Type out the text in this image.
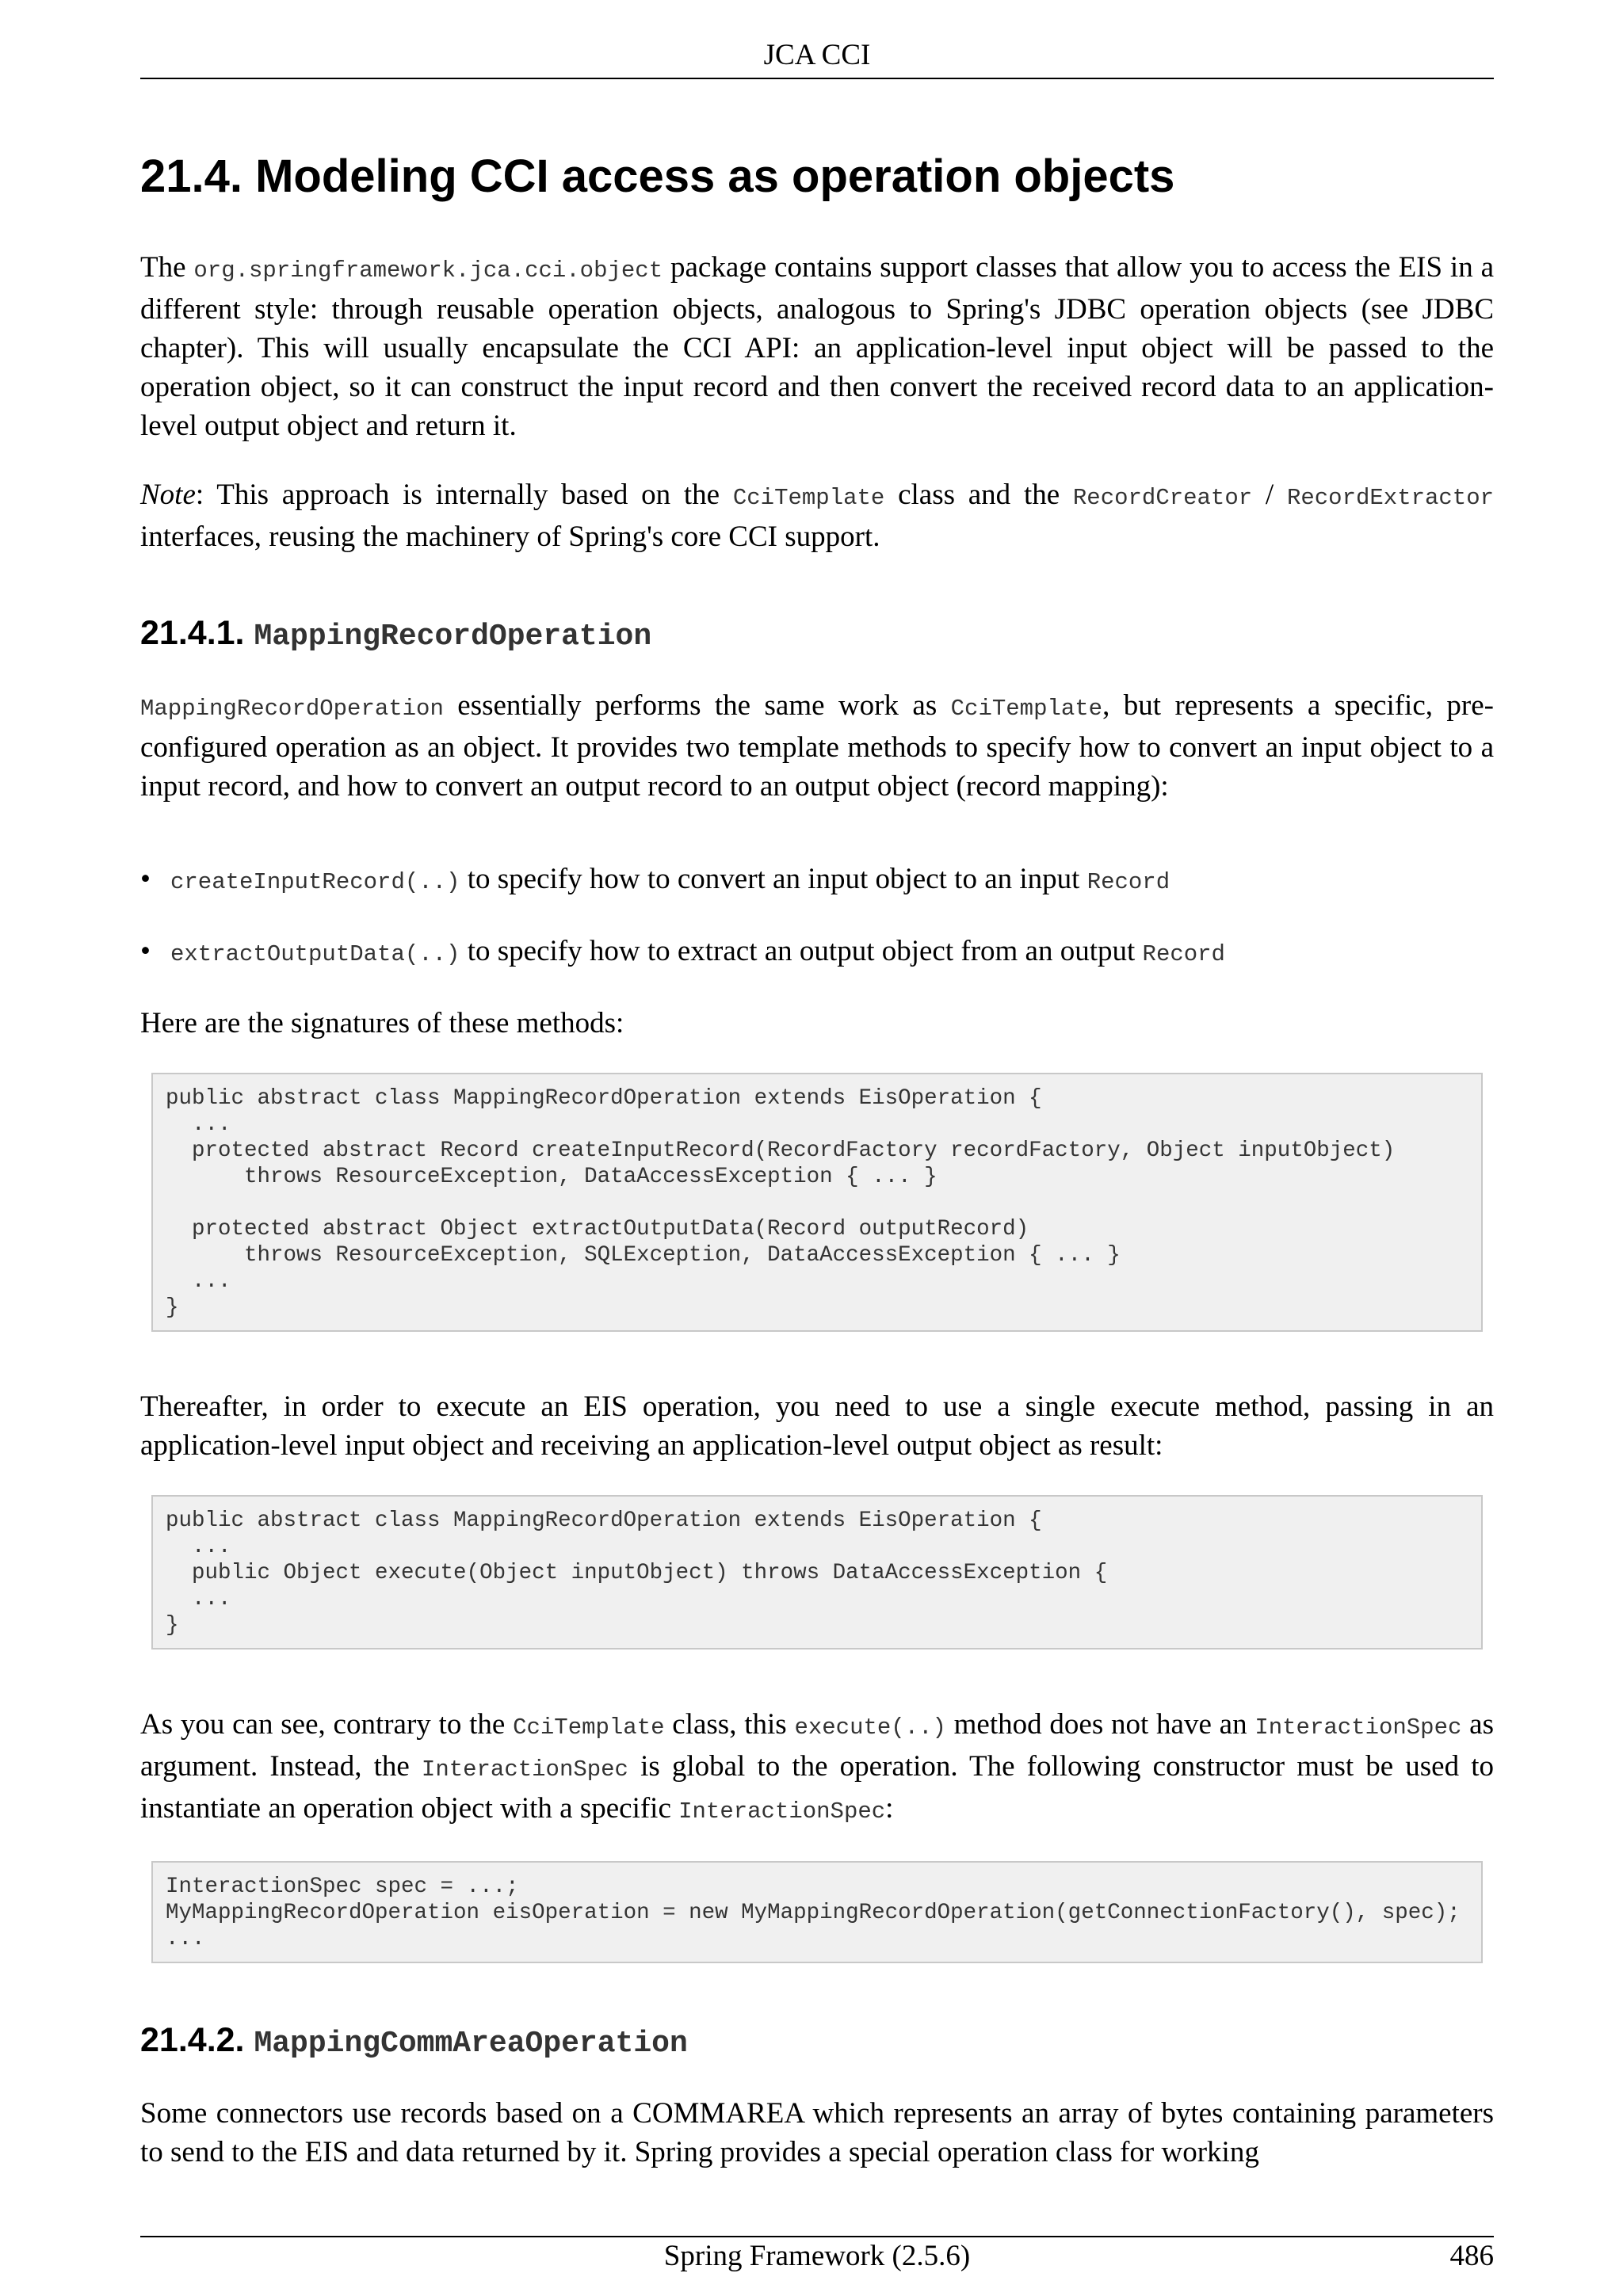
JCA CCI
21.4. Modeling CCI access as operation objects

The org.springframework.jca.cci.object package contains support classes that allow you to access the EIS in a different style: through reusable operation objects, analogous to Spring's JDBC operation objects (see JDBC chapter). This will usually encapsulate the CCI API: an application-level input object will be passed to the operation object, so it can construct the input record and then convert the received record data to an application-level output object and return it.

Note: This approach is internally based on the CciTemplate class and the RecordCreator / RecordExtractor interfaces, reusing the machinery of Spring's core CCI support.

21.4.1. MappingRecordOperation

MappingRecordOperation essentially performs the same work as CciTemplate, but represents a specific, pre-configured operation as an object. It provides two template methods to specify how to convert an input object to a input record, and how to convert an output record to an output object (record mapping):

• createInputRecord(..) to specify how to convert an input object to an input Record
• extractOutputData(..) to specify how to extract an output object from an output Record

Here are the signatures of these methods:

public abstract class MappingRecordOperation extends EisOperation {
...
protected abstract Record createInputRecord(RecordFactory recordFactory, Object inputObject)
throws ResourceException, DataAccessException { ... }

protected abstract Object extractOutputData(Record outputRecord)
throws ResourceException, SQLException, DataAccessException { ... }
...
}

Thereafter, in order to execute an EIS operation, you need to use a single execute method, passing in an application-level input object and receiving an application-level output object as result:

public abstract class MappingRecordOperation extends EisOperation {
...
public Object execute(Object inputObject) throws DataAccessException {
...
}

As you can see, contrary to the CciTemplate class, this execute(..) method does not have an InteractionSpec as argument. Instead, the InteractionSpec is global to the operation. The following constructor must be used to instantiate an operation object with a specific InteractionSpec:

InteractionSpec spec = ...;
MyMappingRecordOperation eisOperation = new MyMappingRecordOperation(getConnectionFactory(), spec);
...
21.4.2. MappingCommAreaOperation

Some connectors use records based on a COMMAREA which represents an array of bytes containing parameters to send to the EIS and data returned by it. Spring provides a special operation class for working

Spring Framework (2.5.6)	486
